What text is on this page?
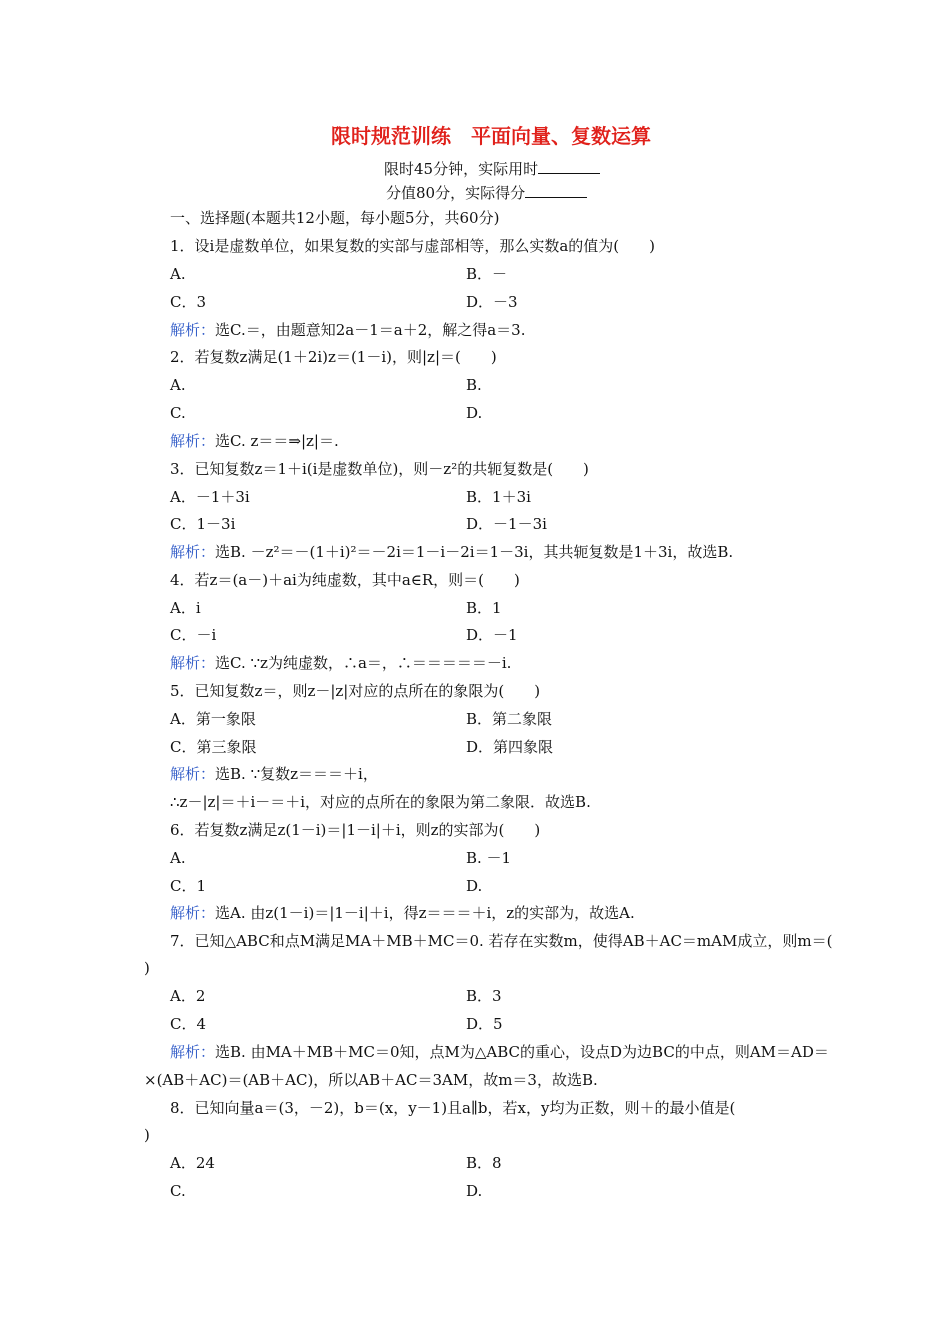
限时规范训练　平面向量、复数运算
限时45分钟，实际用时
分值80分，实际得分
一、选择题(本题共12小题，每小题5分，共60分)
1．设i是虚数单位，如果复数的实部与虚部相等，那么实数a的值为(　　)
A.	B．－
C．3	D．－3
解析：选C.＝，由题意知2a－1＝a＋2，解之得a＝3.
2．若复数z满足(1＋2i)z＝(1－i)，则|z|＝(　　)
A.	B.
C.	D.
解析：选C. z＝＝⇒|z|＝.
3．已知复数z＝1＋i(i是虚数单位)，则－z²的共轭复数是(　　)
A．－1＋3i	B．1＋3i
C．1－3i	D．－1－3i
解析：选B. －z²＝－(1＋i)²＝－2i＝1－i－2i＝1－3i，其共轭复数是1＋3i，故选B.
4．若z＝(a－)＋ai为纯虚数，其中a∈R，则＝(　　)
A．i	B．1
C．－i	D．－1
解析：选C. ∵z为纯虚数，∴a＝，∴＝＝＝＝＝－i.
5．已知复数z＝，则z－|z|对应的点所在的象限为(　　)
A．第一象限	B．第二象限
C．第三象限	D．第四象限
解析：选B. ∵复数z＝＝＝＋i，
∴z－|z|＝＋i－＝＋i，对应的点所在的象限为第二象限．故选B.
6．若复数z满足z(1－i)＝|1－i|＋i，则z的实部为(　　)
A.	B. －1
C．1	D.
解析：选A. 由z(1－i)＝|1－i|＋i，得z＝＝＝＋i，z的实部为，故选A.
7．已知△ABC和点M满足MA＋MB＋MC＝0. 若存在实数m，使得AB＋AC＝mAM成立，则m＝(
)
A．2	B．3
C．4	D．5
解析：选B. 由MA＋MB＋MC＝0知，点M为△ABC的重心，设点D为边BC的中点，则AM＝AD＝
×(AB＋AC)＝(AB＋AC)，所以AB＋AC＝3AM，故m＝3，故选B.
8．已知向量a＝(3，－2)，b＝(x，y－1)且a∥b，若x，y均为正数，则＋的最小值是(
)
A．24	B．8
C.	D.
